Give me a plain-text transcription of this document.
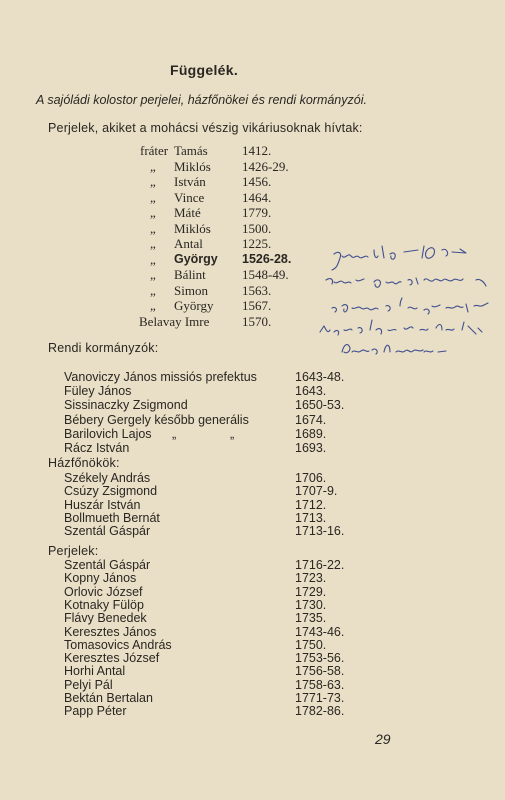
Függelék.
A sajóládi kolostor perjelei, házfőnökei és rendi kormányzói.
Perjelek, akiket a mohácsi vészig vikáriusoknak hívtak:
fráter Tamás	1412.
„ Miklós 1426-29.
„ István	1456.
„ Vince	1464.
„ Máté	1779.
„ Miklós 1500.
„ Antal	1225.
„ György 1526-28.
„ Bálint	1548-49.
„ Simon	1563.
„ György 1567.
Belavay Imre	1570.
Rendi kormányzók:
Vanoviczy János missiós prefektus	1643-48.
Füley János	1643.
Sissinaczky Zsigmond	1650-53.
Bébery Gergely később generális	1674.
Barilovich Lajos	1689.
„	„
Rácz István	1693.
Házfőnökök:
Székely András	1706.
Csúzy Zsigmond	1707-9.
Huszár István	1712.
Bollmueth Bernát	1713.
Szentál Gáspár	1713-16.
Perjelek:
Szentál Gáspár	1716-22.
Kopny János	1723.
Orlovic József	1729.
Kotnaky Fülöp	1730.
Flávy Benedek	1735.
Keresztes János	1743-46.
Tomasovics András	1750.
Keresztes József	1753-56.
Horhi Antal	1756-58.
Pelyi Pál	1758-63.
Bektán Bertalan	1771-73.
Papp Péter	1782-86.
29
